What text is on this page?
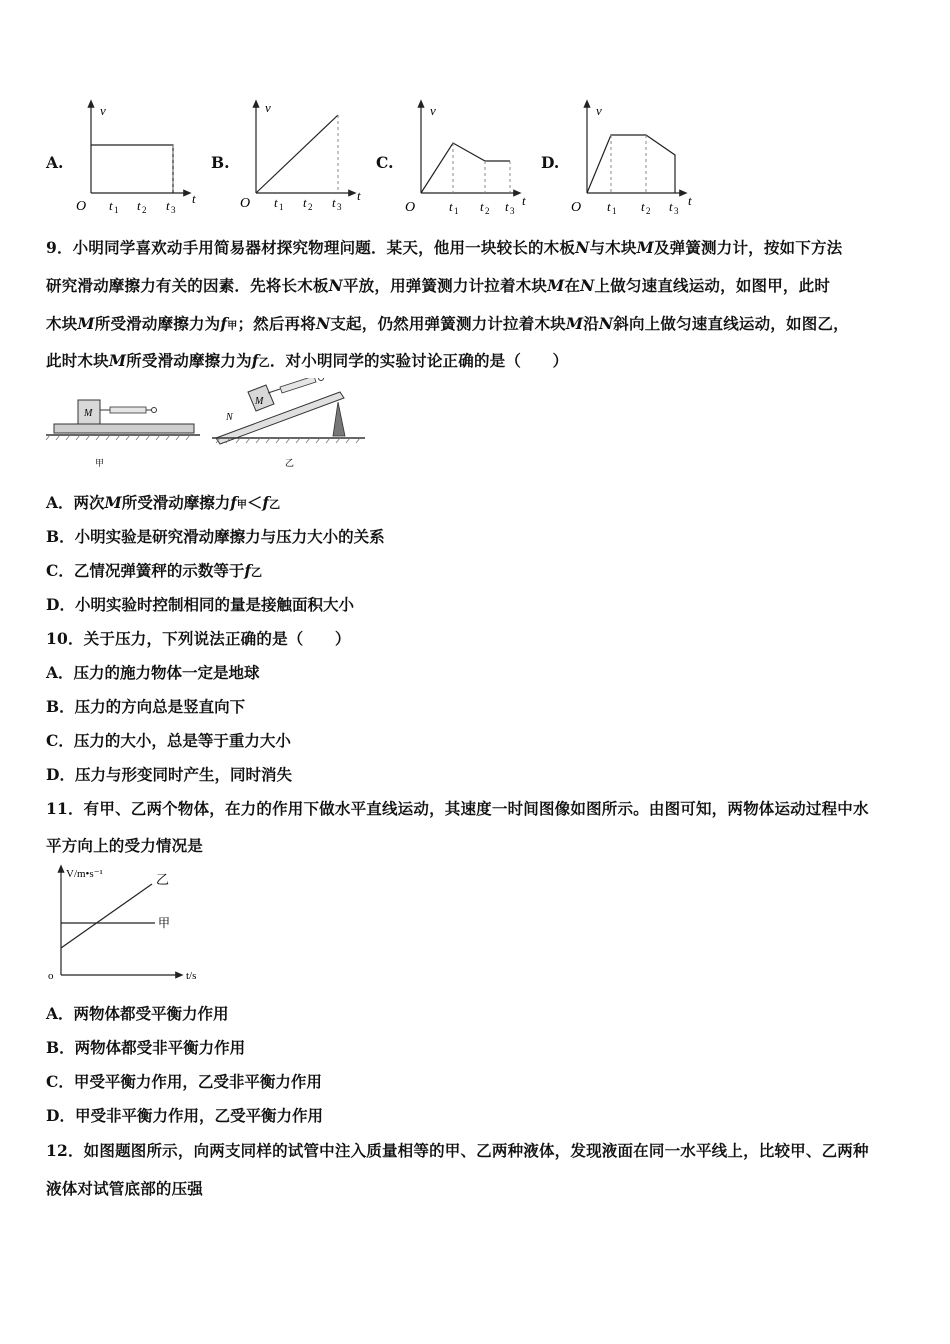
A.	B.	C.	D.
v	v	v	v
t	t	t	t
O	O	O	O
t 1 t 2 t 3	t 1 t 2 t 3	t 1 t 2 t 3	t 1 t 2 t 3
9．小明同学喜欢动手用简易器材探究物理问题．某天，他用一块较长的木板N与木块M及弹簧测力计，按如下方法
研究滑动摩擦力有关的因素．先将长木板N平放，用弹簧测力计拉着木块M在N上做匀速直线运动，如图甲，此时
木块M所受滑动摩擦力为f甲；然后再将N支起，仍然用弹簧测力计拉着木块M沿N斜向上做匀速直线运动，如图乙，
此时木块M所受滑动摩擦力为f乙．对小明同学的实验讨论正确的是（　　）
M
甲
M
N
乙
A．两次M所受滑动摩擦力f甲＜f乙
B．小明实验是研究滑动摩擦力与压力大小的关系
C．乙情况弹簧秤的示数等于f乙
D．小明实验时控制相同的量是接触面积大小
10．关于压力，下列说法正确的是（　　）
A．压力的施力物体一定是地球
B．压力的方向总是竖直向下
C．压力的大小，总是等于重力大小
D．压力与形变同时产生，同时消失
11．有甲、乙两个物体，在力的作用下做水平直线运动，其速度一时间图像如图所示。由图可知，两物体运动过程中水
平方向上的受力情况是
V/m•s⁻¹
t/s
o
甲
乙
A．两物体都受平衡力作用
B．两物体都受非平衡力作用
C．甲受平衡力作用，乙受非平衡力作用
D．甲受非平衡力作用，乙受平衡力作用
12．如图题图所示，向两支同样的试管中注入质量相等的甲、乙两种液体，发现液面在同一水平线上，比较甲、乙两种
液体对试管底部的压强
